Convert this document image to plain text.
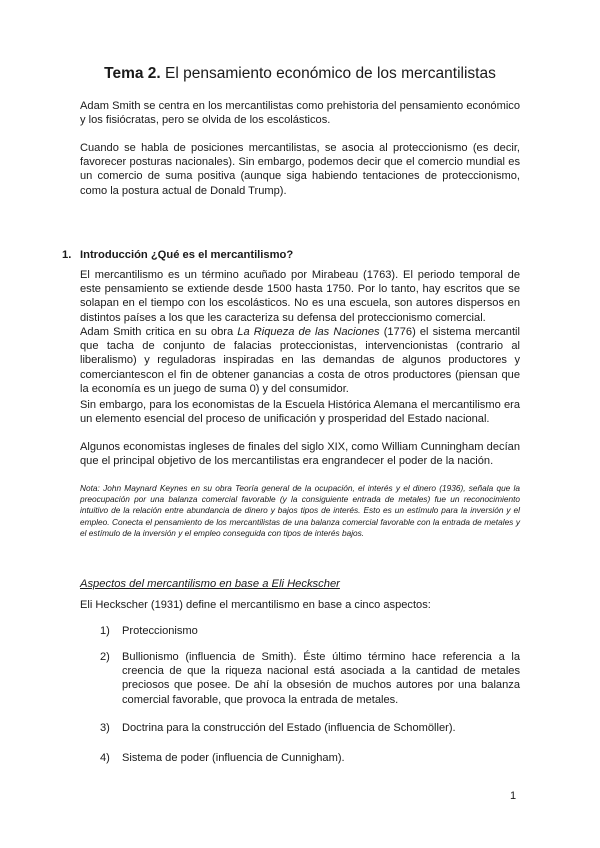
Tema 2. El pensamiento económico de los mercantilistas
Adam Smith se centra en los mercantilistas como prehistoria del pensamiento económico y los fisiócratas, pero se olvida de los escolásticos.
Cuando se habla de posiciones mercantilistas, se asocia al proteccionismo (es decir, favorecer posturas nacionales). Sin embargo, podemos decir que el comercio mundial es un comercio de suma positiva (aunque siga habiendo tentaciones de proteccionismo, como la postura actual de Donald Trump).
1. Introducción ¿Qué es el mercantilismo?
El mercantilismo es un término acuñado por Mirabeau (1763). El periodo temporal de este pensamiento se extiende desde 1500 hasta 1750. Por lo tanto, hay escritos que se solapan en el tiempo con los escolásticos. No es una escuela, son autores dispersos en distintos países a los que les caracteriza su defensa del proteccionismo comercial.
Adam Smith critica en su obra La Riqueza de las Naciones (1776) el sistema mercantil que tacha de conjunto de falacias proteccionistas, intervencionistas (contrario al liberalismo) y reguladoras inspiradas en las demandas de algunos productores y comerciantescon el fin de obtener ganancias a costa de otros productores (piensan que la economía es un juego de suma 0) y del consumidor.
Sin embargo, para los economistas de la Escuela Histórica Alemana el mercantilismo era un elemento esencial del proceso de unificación y prosperidad del Estado nacional.
Algunos economistas ingleses de finales del siglo XIX, como William Cunningham decían que el principal objetivo de los mercantilistas era engrandecer el poder de la nación.
Nota: John Maynard Keynes en su obra Teoría general de la ocupación, el interés y el dinero (1936), señala que la preocupación por una balanza comercial favorable (y la consiguiente entrada de metales) fue un reconocimiento intuitivo de la relación entre abundancia de dinero y bajos tipos de interés. Esto es un estímulo para la inversión y el empleo. Conecta el pensamiento de los mercantilistas de una balanza comercial favorable con la entrada de metales y el estímulo de la inversión y el empleo conseguida con tipos de interés bajos.
Aspectos del mercantilismo en base a Eli Heckscher
Eli Heckscher (1931) define el mercantilismo en base a cinco aspectos:
1)	Proteccionismo
2)	Bullionismo (influencia de Smith). Éste último término hace referencia a la creencia de que la riqueza nacional está asociada a la cantidad de metales preciosos que posee. De ahí la obsesión de muchos autores por una balanza comercial favorable, que provoca la entrada de metales.
3)	Doctrina para la construcción del Estado (influencia de Schomöller).
4)	Sistema de poder (influencia de Cunnigham).
1
